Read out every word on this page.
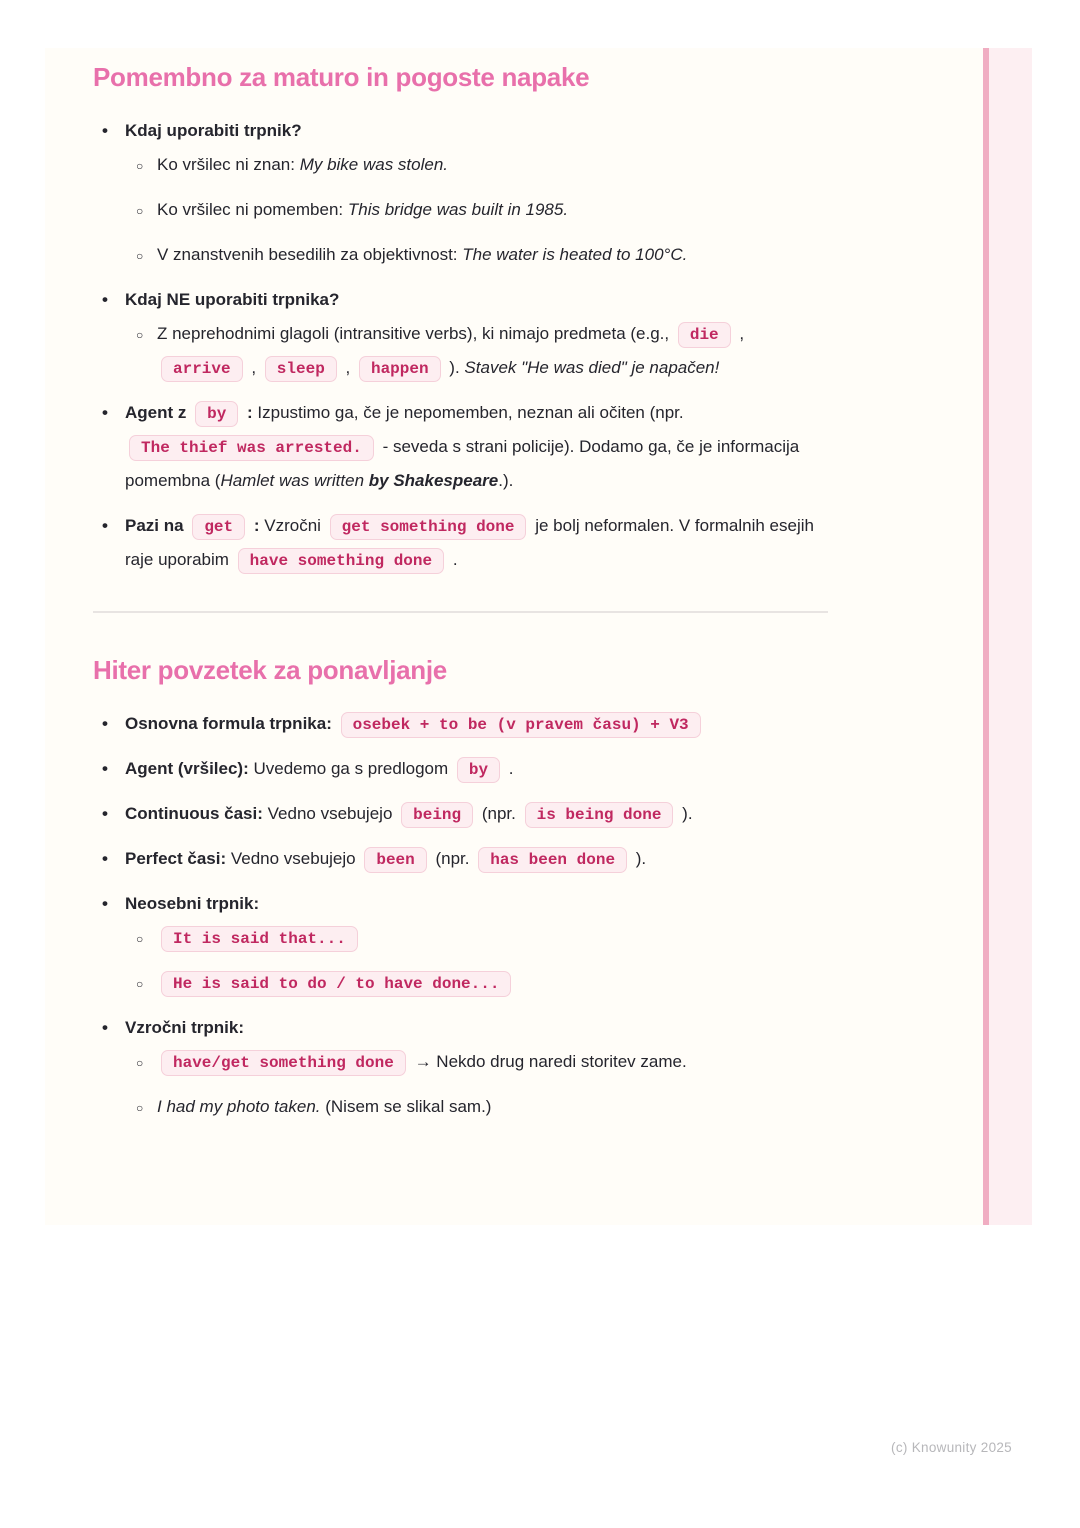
Pomembno za maturo in pogoste napake
• Kdaj uporabiti trpnik?
○ Ko vršilec ni znan: My bike was stolen.
○ Ko vršilec ni pomemben: This bridge was built in 1985.
○ V znanstvenih besedilih za objektivnost: The water is heated to 100°C.
• Kdaj NE uporabiti trpnika?
○ Z neprehodnimi glagoli (intransitive verbs), ki nimajo predmeta (e.g., die , arrive , sleep , happen ). Stavek "He was died" je napačen!
• Agent z by : Izpustimo ga, če je nepomemben, neznan ali očiten (npr. The thief was arrested. - seveda s strani policije). Dodamo ga, če je informacija pomembna (Hamlet was written by Shakespeare.).
• Pazi na get : Vzročni get something done je bolj neformalen. V formalnih esejih raje uporabim have something done .
Hiter povzetek za ponavljanje
• Osnovna formula trpnika: osebek + to be (v pravem času) + V3
• Agent (vršilec): Uvedemo ga s predlogom by .
• Continuous časi: Vedno vsebujejo being (npr. is being done ).
• Perfect časi: Vedno vsebujejo been (npr. has been done ).
• Neosebni trpnik:
○ It is said that...
○ He is said to do / to have done...
• Vzročni trpnik:
○ have/get something done → Nekdo drug naredi storitev zame.
○ I had my photo taken. (Nisem se slikal sam.)
(c) Knowunity 2025
